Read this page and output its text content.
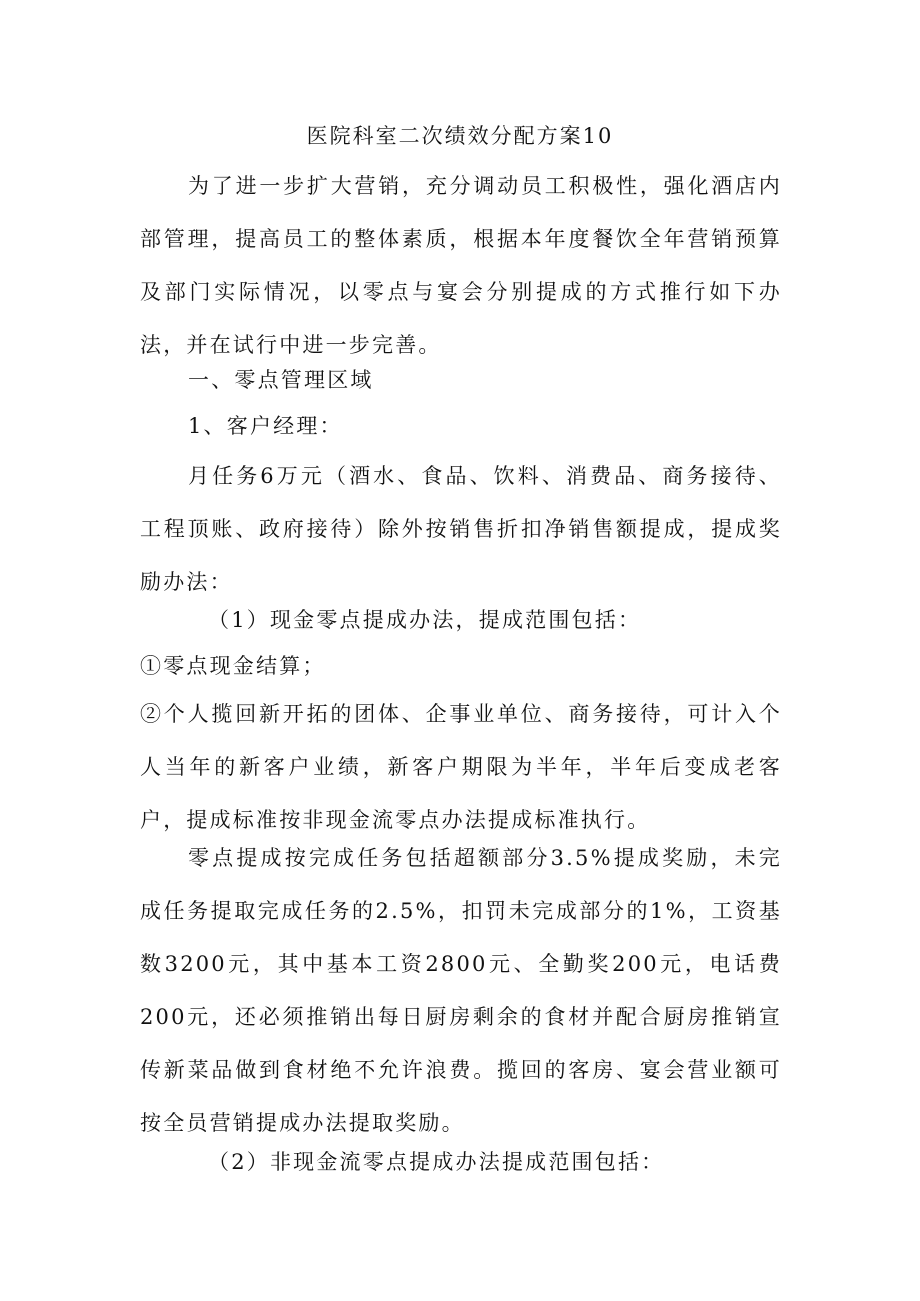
医院科室二次绩效分配方案10

为了进一步扩大营销，充分调动员工积极性，强化酒店内部管理，提高员工的整体素质，根据本年度餐饮全年营销预算及部门实际情况，以零点与宴会分别提成的方式推行如下办法，并在试行中进一步完善。

一、零点管理区域

1、客户经理：

月任务6万元（酒水、食品、饮料、消费品、商务接待、工程顶账、政府接待）除外按销售折扣净销售额提成，提成奖励办法：

（1）现金零点提成办法，提成范围包括：

①零点现金结算；

②个人揽回新开拓的团体、企事业单位、商务接待，可计入个人当年的新客户业绩，新客户期限为半年，半年后变成老客户，提成标准按非现金流零点办法提成标准执行。

零点提成按完成任务包括超额部分3.5%提成奖励，未完成任务提取完成任务的2.5%，扣罚未完成部分的1%，工资基数3200元，其中基本工资2800元、全勤奖200元，电话费200元，还必须推销出每日厨房剩余的食材并配合厨房推销宣传新菜品做到食材绝不允许浪费。揽回的客房、宴会营业额可按全员营销提成办法提取奖励。

（2）非现金流零点提成办法提成范围包括：
